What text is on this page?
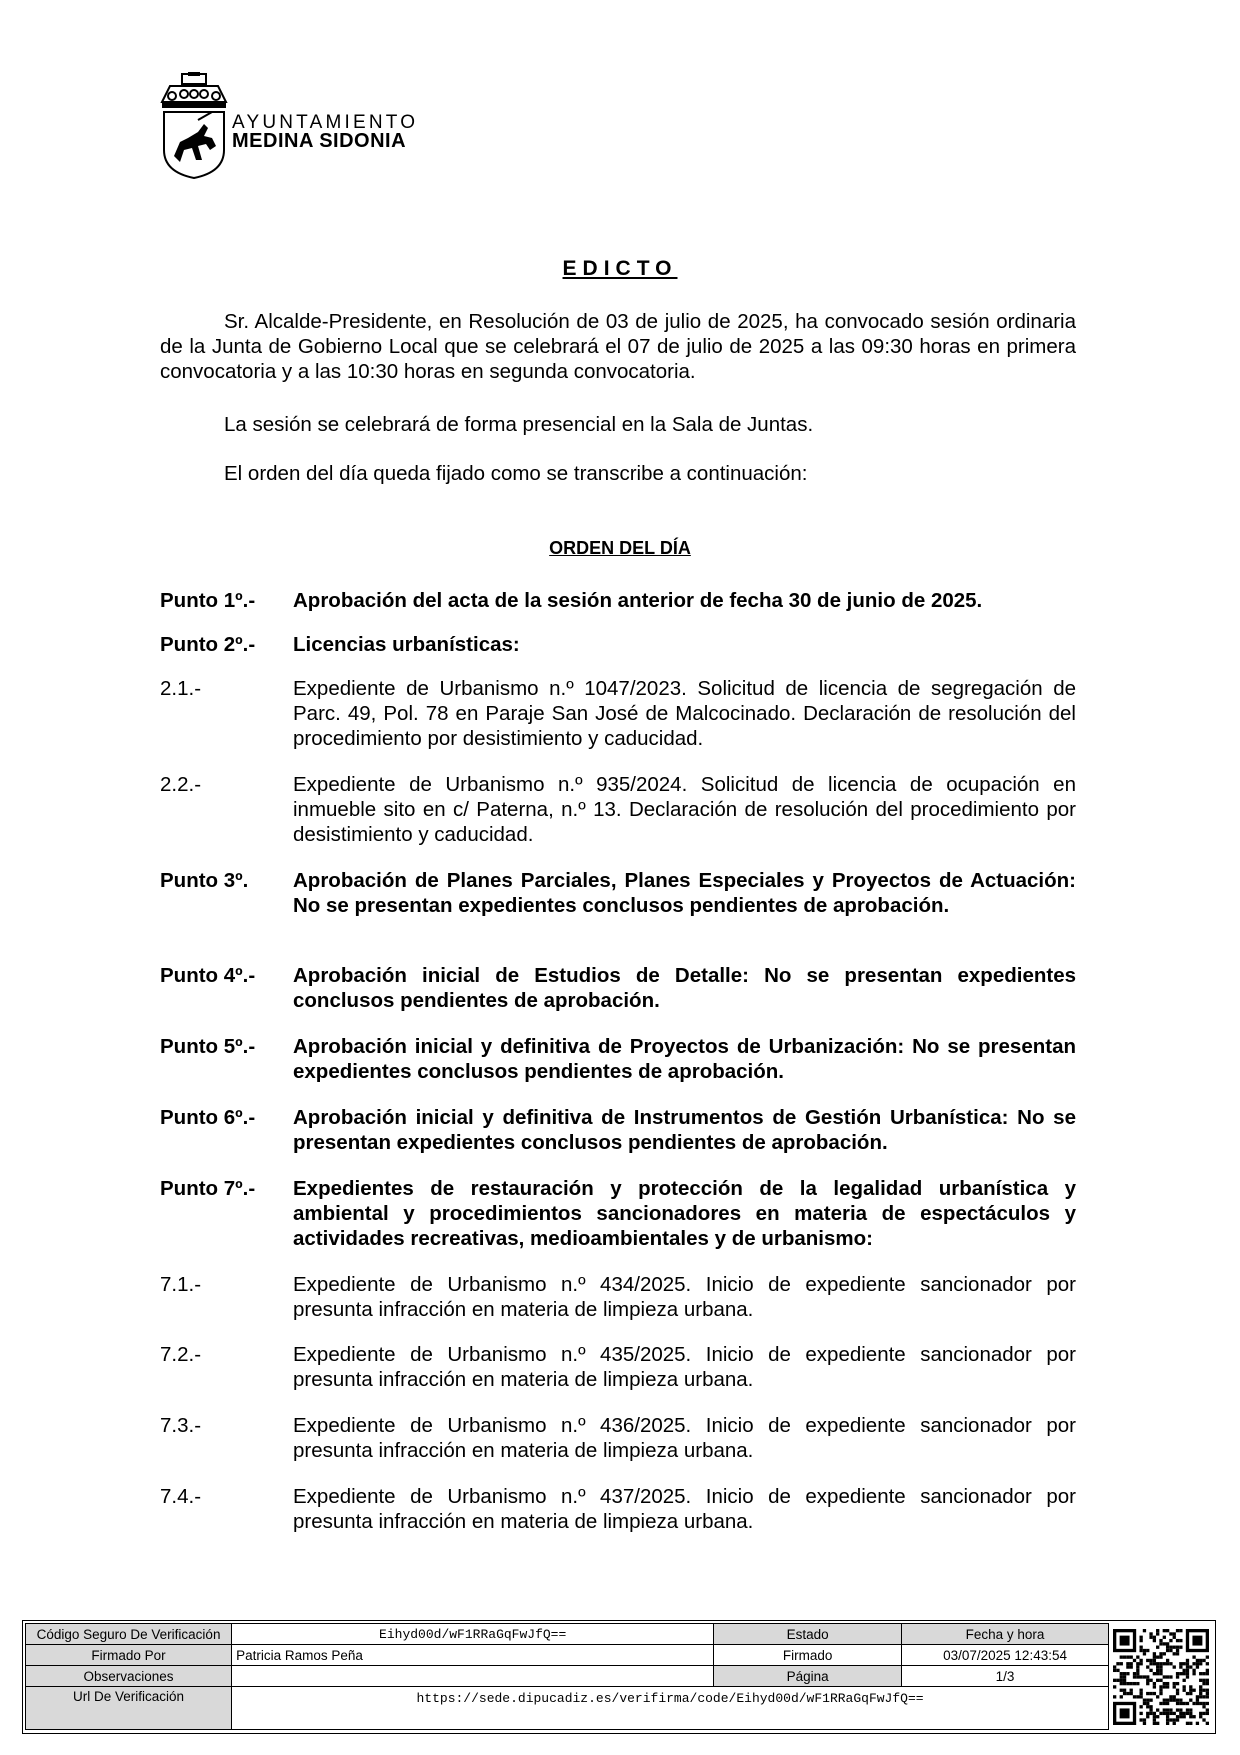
AYUNTAMIENTO
MEDINA SIDONIA
EDICTO
Sr. Alcalde-Presidente, en Resolución de 03 de julio de 2025, ha convocado sesión ordinaria de la Junta de Gobierno Local que se celebrará el 07 de julio de 2025 a las 09:30 horas en primera convocatoria y a las 10:30 horas en segunda convocatoria.
La sesión se celebrará de forma presencial en la Sala de Juntas.
El orden del día queda fijado como se transcribe a continuación:
ORDEN DEL DÍA
Punto 1º.-	Aprobación del acta de la sesión anterior de fecha 30 de junio de 2025.
Punto 2º.-	Licencias urbanísticas:
2.1.-	Expediente de Urbanismo n.º 1047/2023. Solicitud de licencia de segregación de Parc. 49, Pol. 78 en Paraje San José de Malcocinado. Declaración de resolución del procedimiento por desistimiento y caducidad.
2.2.-	Expediente de Urbanismo n.º 935/2024. Solicitud de licencia de ocupación en inmueble sito en c/ Paterna, n.º 13. Declaración de resolución del procedimiento por desistimiento y caducidad.
Punto 3º.	Aprobación de Planes Parciales, Planes Especiales y Proyectos de Actuación: No se presentan expedientes conclusos pendientes de aprobación.
Punto 4º.-	Aprobación inicial de Estudios de Detalle: No se presentan expedientes conclusos pendientes de aprobación.
Punto 5º.-	Aprobación inicial y definitiva de Proyectos de Urbanización: No se presentan expedientes conclusos pendientes de aprobación.
Punto 6º.-	Aprobación inicial y definitiva de Instrumentos de Gestión Urbanística: No se presentan expedientes conclusos pendientes de aprobación.
Punto 7º.-	Expedientes de restauración y protección de la legalidad urbanística y ambiental y procedimientos sancionadores en materia de espectáculos y actividades recreativas, medioambientales y de urbanismo:
7.1.-	Expediente de Urbanismo n.º 434/2025. Inicio de expediente sancionador por presunta infracción en materia de limpieza urbana.
7.2.-	Expediente de Urbanismo n.º 435/2025. Inicio de expediente sancionador por presunta infracción en materia de limpieza urbana.
7.3.-	Expediente de Urbanismo n.º 436/2025. Inicio de expediente sancionador por presunta infracción en materia de limpieza urbana.
7.4.-	Expediente de Urbanismo n.º 437/2025. Inicio de expediente sancionador por presunta infracción en materia de limpieza urbana.
Código Seguro De Verificación	Eihyd00d/wF1RRaGqFwJfQ==	Estado	Fecha y hora
Firmado Por	Patricia Ramos Peña	Firmado	03/07/2025 12:43:54
Observaciones		Página	1/3
Url De Verificación	https://sede.dipucadiz.es/verifirma/code/Eihyd00d/wF1RRaGqFwJfQ==		
